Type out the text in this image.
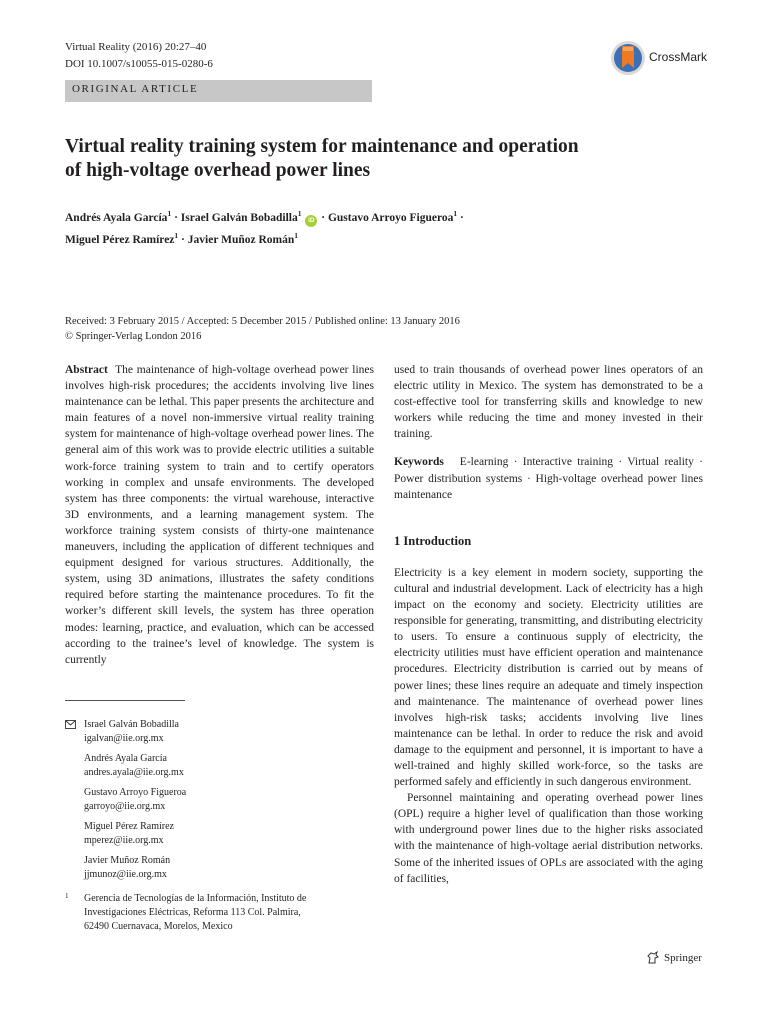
Virtual Reality (2016) 20:27–40
DOI 10.1007/s10055-015-0280-6	CrossMark
ORIGINAL ARTICLE
Virtual reality training system for maintenance and operation
of high-voltage overhead power lines
Andrés Ayala García$^1$ · Israel Galván Bobadilla$^1$ iD · Gustavo Arroyo Figueroa$^1$ ·
Miguel Pérez Ramírez$^1$ · Javier Muñoz Román$^1$
Received: 3 February 2015 / Accepted: 5 December 2015 / Published online: 13 January 2016
© Springer-Verlag London 2016

Abstract The maintenance of high-voltage overhead power lines involves high-risk procedures; the accidents involving live lines maintenance can be lethal. This paper presents the architecture and main features of a novel non-immersive virtual reality training system for maintenance of high-voltage overhead power lines. The general aim of this work was to provide electric utilities a suitable work-force training system to train and to certify operators working in complex and unsafe environments. The developed system has three components: the virtual warehouse, interactive 3D environments, and a learning management system. The workforce training system consists of thirty-one maintenance maneuvers, including the application of different techniques and equipment designed for various structures. Additionally, the system, using 3D animations, illustrates the safety conditions required before starting the maintenance procedures. To fit the worker’s different skill levels, the system has three operation modes: learning, practice, and evaluation, which can be accessed according to the trainee’s level of knowledge. The system is currently

Israel Galván Bobadilla
igalvan@iie.org.mx
Andrés Ayala García
andres.ayala@iie.org.mx
Gustavo Arroyo Figueroa
garroyo@iie.org.mx
Miguel Pérez Ramírez
mperez@iie.org.mx
Javier Muñoz Román
jjmunoz@iie.org.mx
1 Gerencia de Tecnologías de la Información, Instituto de
Investigaciones Eléctricas, Reforma 113 Col. Palmira,
62490 Cuernavaca, Morelos, Mexico

used to train thousands of overhead power lines operators of an electric utility in Mexico. The system has demonstrated to be a cost-effective tool for transferring skills and knowledge to new workers while reducing the time and money invested in their training.

Keywords E-learning · Interactive training · Virtual reality · Power distribution systems · High-voltage overhead power lines maintenance

1 Introduction

Electricity is a key element in modern society, supporting the cultural and industrial development. Lack of electricity has a high impact on the economy and society. Electricity utilities are responsible for generating, transmitting, and distributing electricity to users. To ensure a continuous supply of electricity, the electricity utilities must have efficient operation and maintenance procedures. Electricity distribution is carried out by means of power lines; these lines require an adequate and timely inspection and maintenance. The maintenance of overhead power lines involves high-risk tasks; accidents involving live lines maintenance can be lethal. In order to reduce the risk and avoid damage to the equipment and personnel, it is important to have a well-trained and highly skilled work-force, so the tasks are performed safely and efficiently in such dangerous environment.

Personnel maintaining and operating overhead power lines (OPL) require a higher level of qualification than those working with underground power lines due to the higher risks associated with the maintenance of high-voltage aerial distribution networks. Some of the inherited issues of OPLs are associated with the aging of facilities,

Springer
